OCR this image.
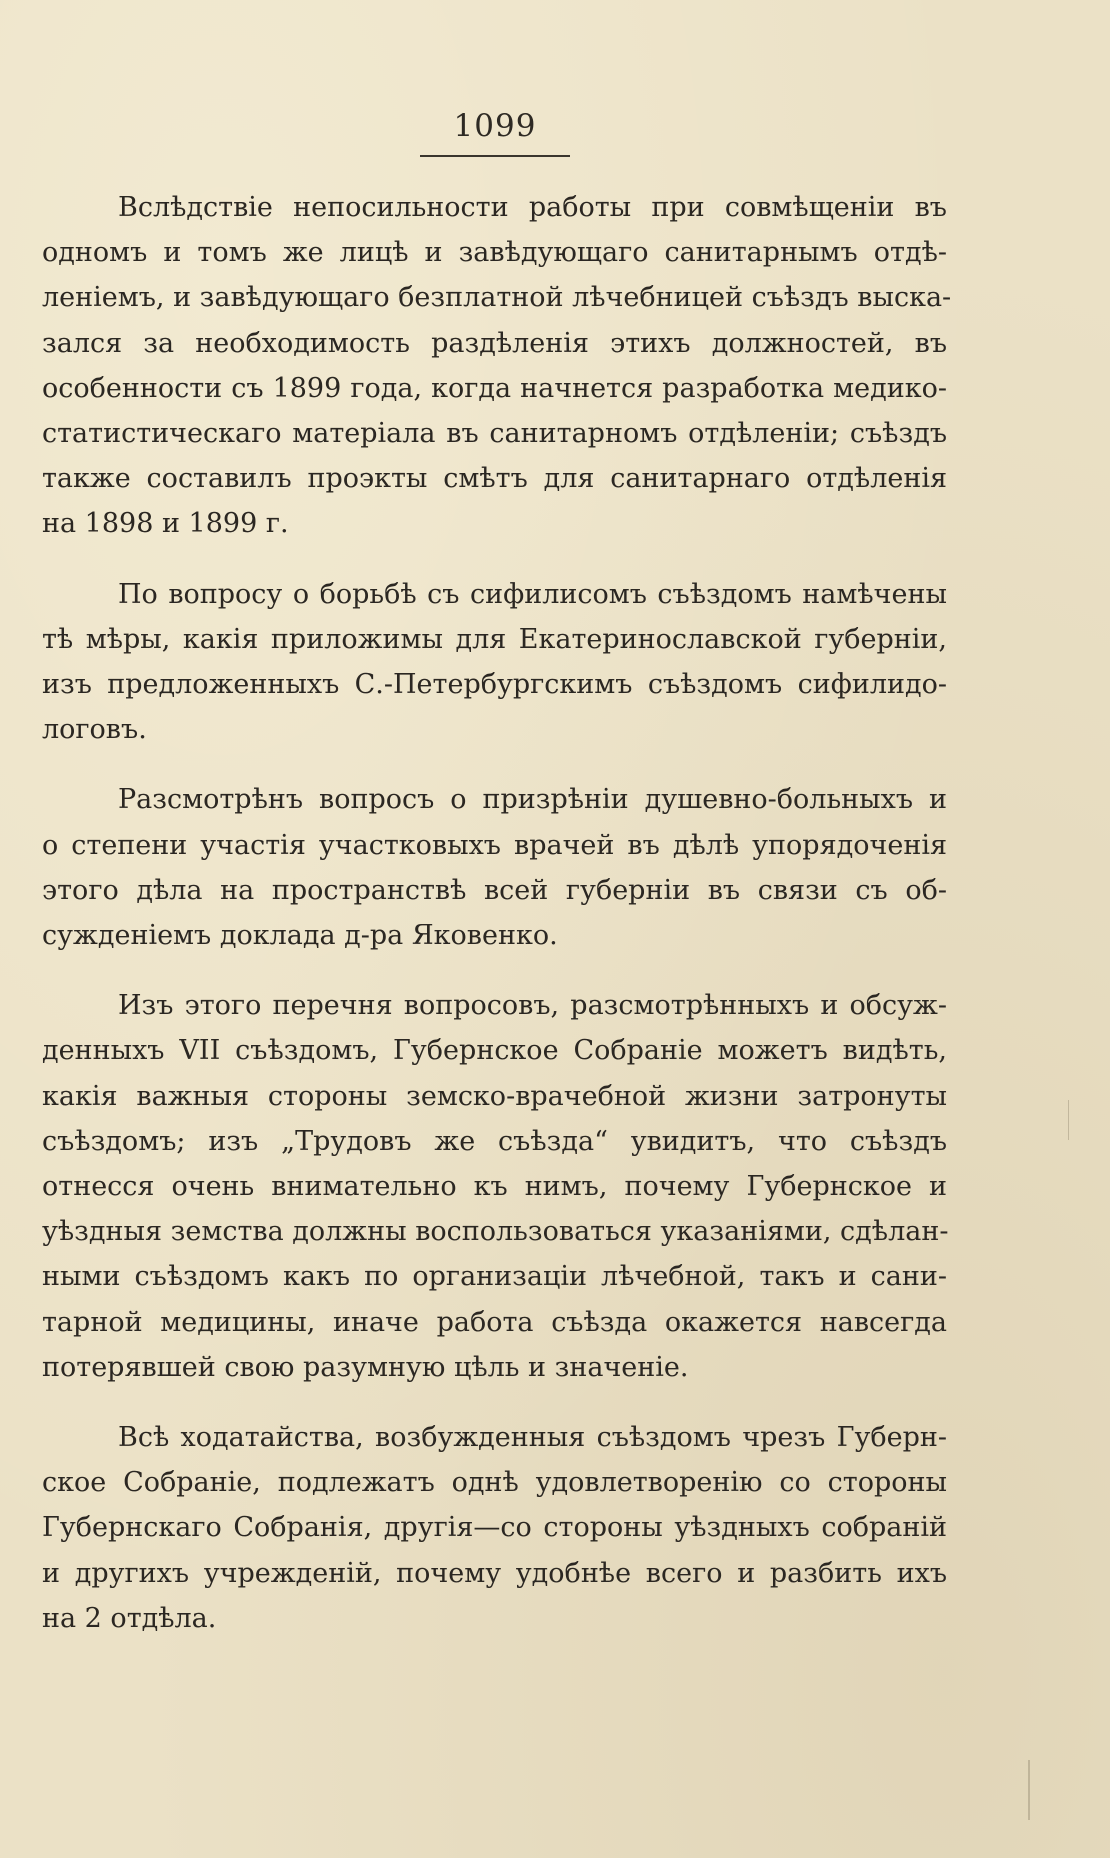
1099

Вслѣдствіе непосильности работы при совмѣщеніи въ
одномъ и томъ же лицѣ и завѣдующаго санитарнымъ отдѣ-
леніемъ, и завѣдующаго безплатной лѣчебницей съѣздъ выска-
зался за необходимость раздѣленія этихъ должностей, въ
особенности съ 1899 года, когда начнется разработка медико-
статистическаго матеріала въ санитарномъ отдѣленіи; съѣздъ
также составилъ проэкты смѣтъ для санитарнаго отдѣленія
на 1898 и 1899 г.

По вопросу о борьбѣ съ сифилисомъ съѣздомъ намѣчены
тѣ мѣры, какія приложимы для Екатеринославской губерніи,
изъ предложенныхъ С.-Петербургскимъ съѣздомъ сифилидо-
логовъ.

Разсмотрѣнъ вопросъ о призрѣніи душевно-больныхъ и
о степени участія участковыхъ врачей въ дѣлѣ упорядоченія
этого дѣла на пространствѣ всей губерніи въ связи съ об-
сужденіемъ доклада д-ра Яковенко.

Изъ этого перечня вопросовъ, разсмотрѣнныхъ и обсуж-
денныхъ VII съѣздомъ, Губернское Собраніе можетъ видѣть,
какія важныя стороны земско-врачебной жизни затронуты
съѣздомъ; изъ „Трудовъ же съѣзда“ увидитъ, что съѣздъ
отнесся очень внимательно къ нимъ, почему Губернское и
уѣздныя земства должны воспользоваться указаніями, сдѣлан-
ными съѣздомъ какъ по организаціи лѣчебной, такъ и сани-
тарной медицины, иначе работа съѣзда окажется навсегда
потерявшей свою разумную цѣль и значеніе.

Всѣ ходатайства, возбужденныя съѣздомъ чрезъ Губерн-
ское Собраніе, подлежатъ однѣ удовлетворенію со стороны
Губернскаго Собранія, другія—со стороны уѣздныхъ собраній
и другихъ учрежденій, почему удобнѣе всего и разбить ихъ
на 2 отдѣла.
